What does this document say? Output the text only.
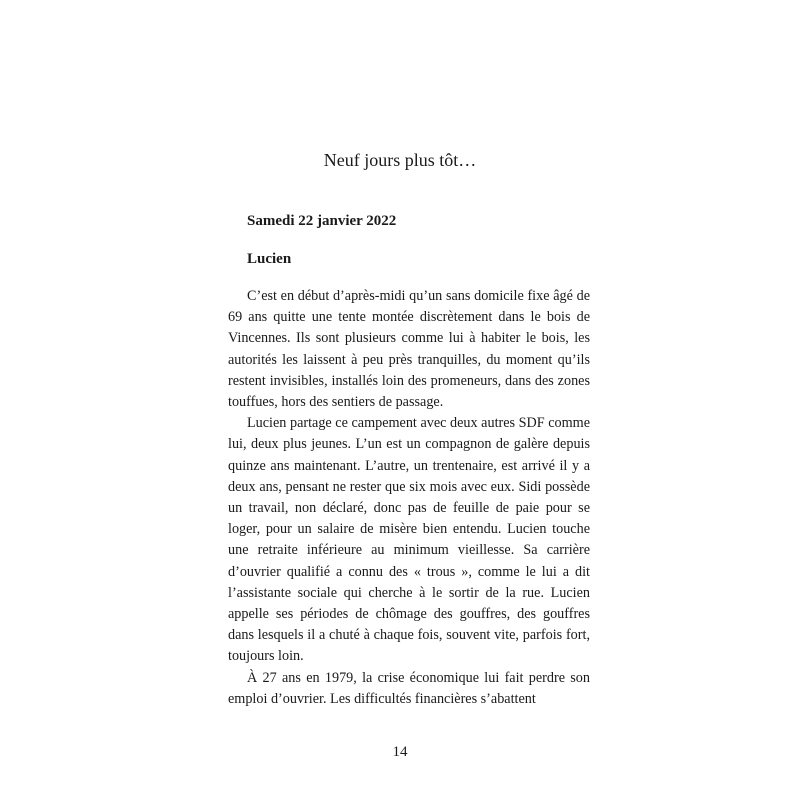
Neuf jours plus tôt…
Samedi 22 janvier 2022
Lucien

C’est en début d’après-midi qu’un sans domicile fixe âgé de 69 ans quitte une tente montée discrètement dans le bois de Vincennes. Ils sont plusieurs comme lui à habiter le bois, les autorités les laissent à peu près tranquilles, du moment qu’ils restent invisibles, installés loin des promeneurs, dans des zones touffues, hors des sentiers de passage.

Lucien partage ce campement avec deux autres SDF comme lui, deux plus jeunes. L’un est un compagnon de galère depuis quinze ans maintenant. L’autre, un trentenaire, est arrivé il y a deux ans, pensant ne rester que six mois avec eux. Sidi possède un travail, non déclaré, donc pas de feuille de paie pour se loger, pour un salaire de misère bien entendu. Lucien touche une retraite inférieure au minimum vieillesse. Sa carrière d’ouvrier qualifié a connu des « trous », comme le lui a dit l’assistante sociale qui cherche à le sortir de la rue. Lucien appelle ses périodes de chômage des gouffres, des gouffres dans lesquels il a chuté à chaque fois, souvent vite, parfois fort, toujours loin.

À 27 ans en 1979, la crise économique lui fait perdre son emploi d’ouvrier. Les difficultés financières s’abattent

14
